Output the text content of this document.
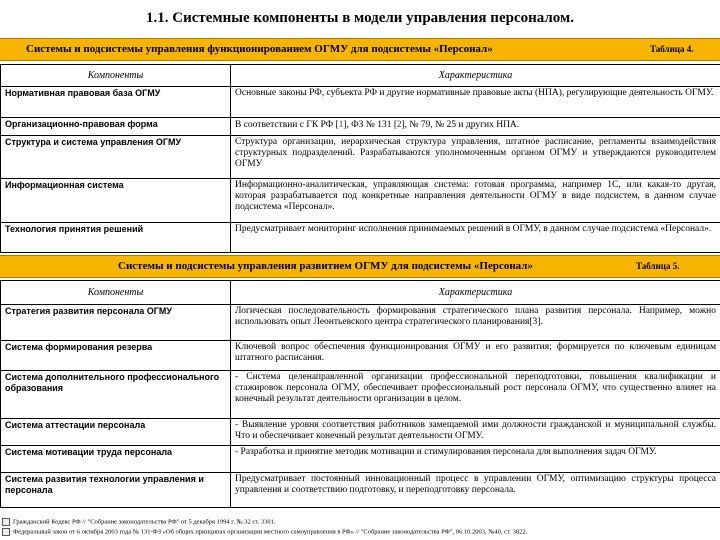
1.1. Системные компоненты в модели управления персоналом.
Системы и подсистемы управления функционированием ОГМУ для подсистемы «Персонал»	Таблица 4.
Компоненты	Характеристика
Нормативная правовая база ОГМУ	Основные законы РФ, субъекта РФ и другие нормативные правовые акты (НПА), регулирующие деятельность ОГМУ.
Организационно-правовая форма	В соответствии с ГК РФ [1], ФЗ № 131 [2], № 79, № 25 и других НПА.
Структура и система управления ОГМУ	Структура организации, иерархическая структура управления, штатное расписание, регламенты взаимодействия структурных подразделений. Разрабатываются уполномоченным органом ОГМУ и утверждаются руководителем ОГМУ
Информационная система	Информационно-аналитическая, управляющая система: готовая программа, например 1С, или какая-то другая, которая разрабатывается под конкретные направления деятельности ОГМУ в виде подсистем, в данном случае подсистема «Персонал».
Технология принятия решений	Предусматривает мониторинг исполнения принимаемых решений в ОГМУ, в данном случае подсистема «Персонал».
Системы и подсистемы управления развитием ОГМУ для подсистемы «Персонал»	Таблица 5.
Компоненты	Характеристика
Стратегия развития персонала ОГМУ	Логическая последовательность формирования стратегического плана развития персонала. Например, можно использовать опыт Леонтьевского центра стратегического планирования[3].
Система формирования резерва	Ключевой вопрос обеспечения функционирования ОГМУ и его развития; формируется по ключевым единицам штатного расписания.
Система дополнительного профессионального образования	- Система целенаправленной организации профессиональной переподготовки, повышения квалификации и стажировок персонала ОГМУ, обеспечивает профессиональный рост персонала ОГМУ, что существенно влияет на конечный результат деятельности организации в целом.
Система аттестации персонала	- Выявление уровня соответствия работников замещаемой ими должности гражданской и муниципальной службы. Что и обеспечивает конечный результат деятельности ОГМУ.
Система мотивации труда персонала	- Разработка и принятие методик мотивации и стимулирования персонала для выполнения задач ОГМУ.
Система развития технологии управления и персонала	Предусматривает постоянный инновационный процесс в управлении ОГМУ, оптимизацию структуры процесса управления и соответствию подготовку, и переподготовку персонала.
Гражданский Кодекс РФ // "Собрание законодательства РФ" от 5 декабря 1994 г. № 32 ст. 3301.
Федеральный закон от 6 октября 2003 года № 131-ФЗ «Об общих принципах организации местного самоуправления в РФ» // "Собрание законодательства РФ", 06.10.2003, №40, ст. 3822.
